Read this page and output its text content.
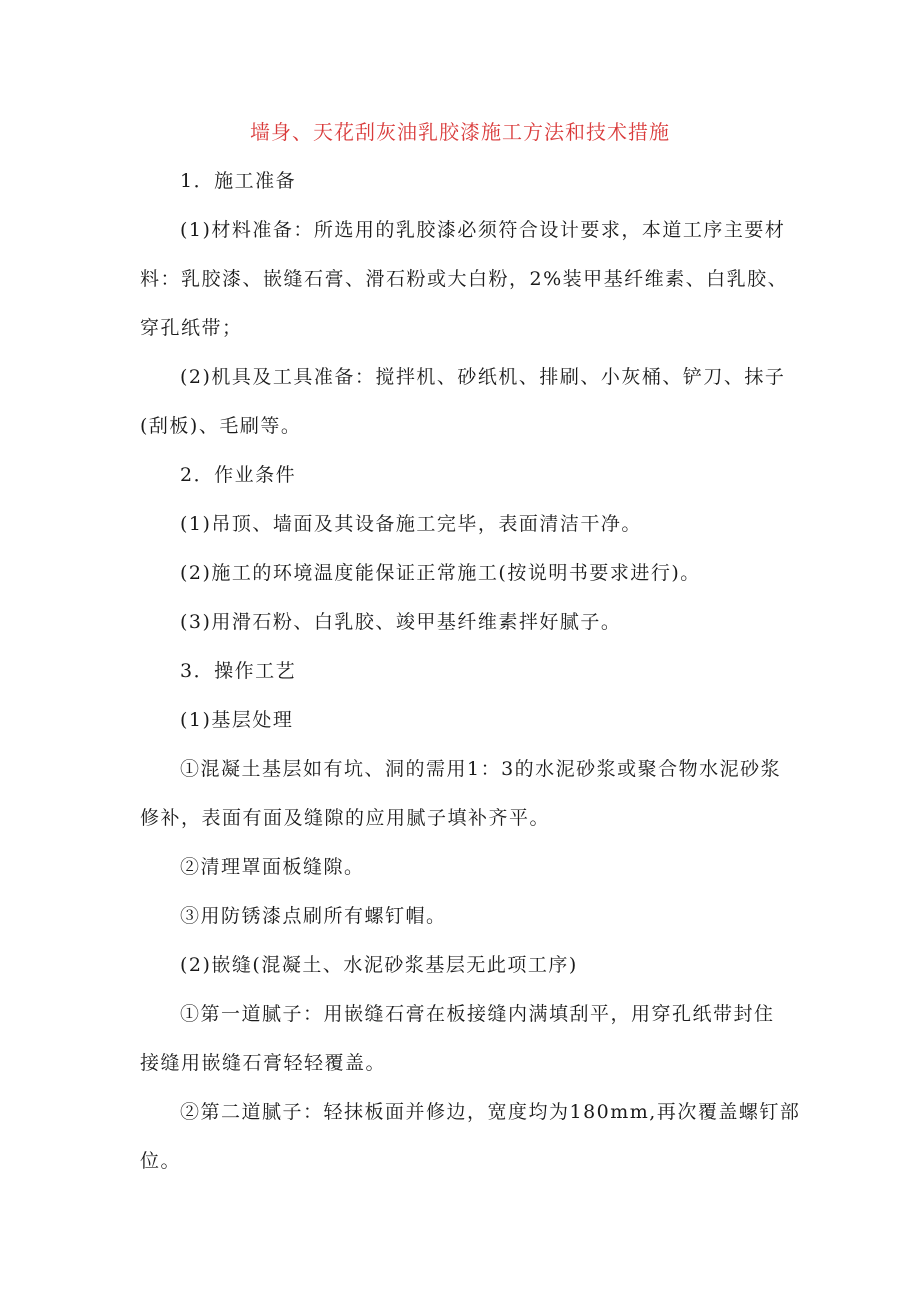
墙身、天花刮灰油乳胶漆施工方法和技术措施
1．施工准备
(1)材料准备：所选用的乳胶漆必须符合设计要求，本道工序主要材
料：乳胶漆、嵌缝石膏、滑石粉或大白粉，2%装甲基纤维素、白乳胶、
穿孔纸带；
(2)机具及工具准备：搅拌机、砂纸机、排刷、小灰桶、铲刀、抹子
(刮板)、毛刷等。
2．作业条件
(1)吊顶、墙面及其设备施工完毕，表面清洁干净。
(2)施工的环境温度能保证正常施工(按说明书要求进行)。
(3)用滑石粉、白乳胶、竣甲基纤维素拌好腻子。
3．操作工艺
(1)基层处理
①混凝土基层如有坑、洞的需用1：3的水泥砂浆或聚合物水泥砂浆
修补，表面有面及缝隙的应用腻子填补齐平。
②清理罩面板缝隙。
③用防锈漆点刷所有螺钉帽。
(2)嵌缝(混凝土、水泥砂浆基层无此项工序)
①第一道腻子：用嵌缝石膏在板接缝内满填刮平，用穿孔纸带封住
接缝用嵌缝石膏轻轻覆盖。
②第二道腻子：轻抹板面并修边，宽度均为180mm,再次覆盖螺钉部
位。
